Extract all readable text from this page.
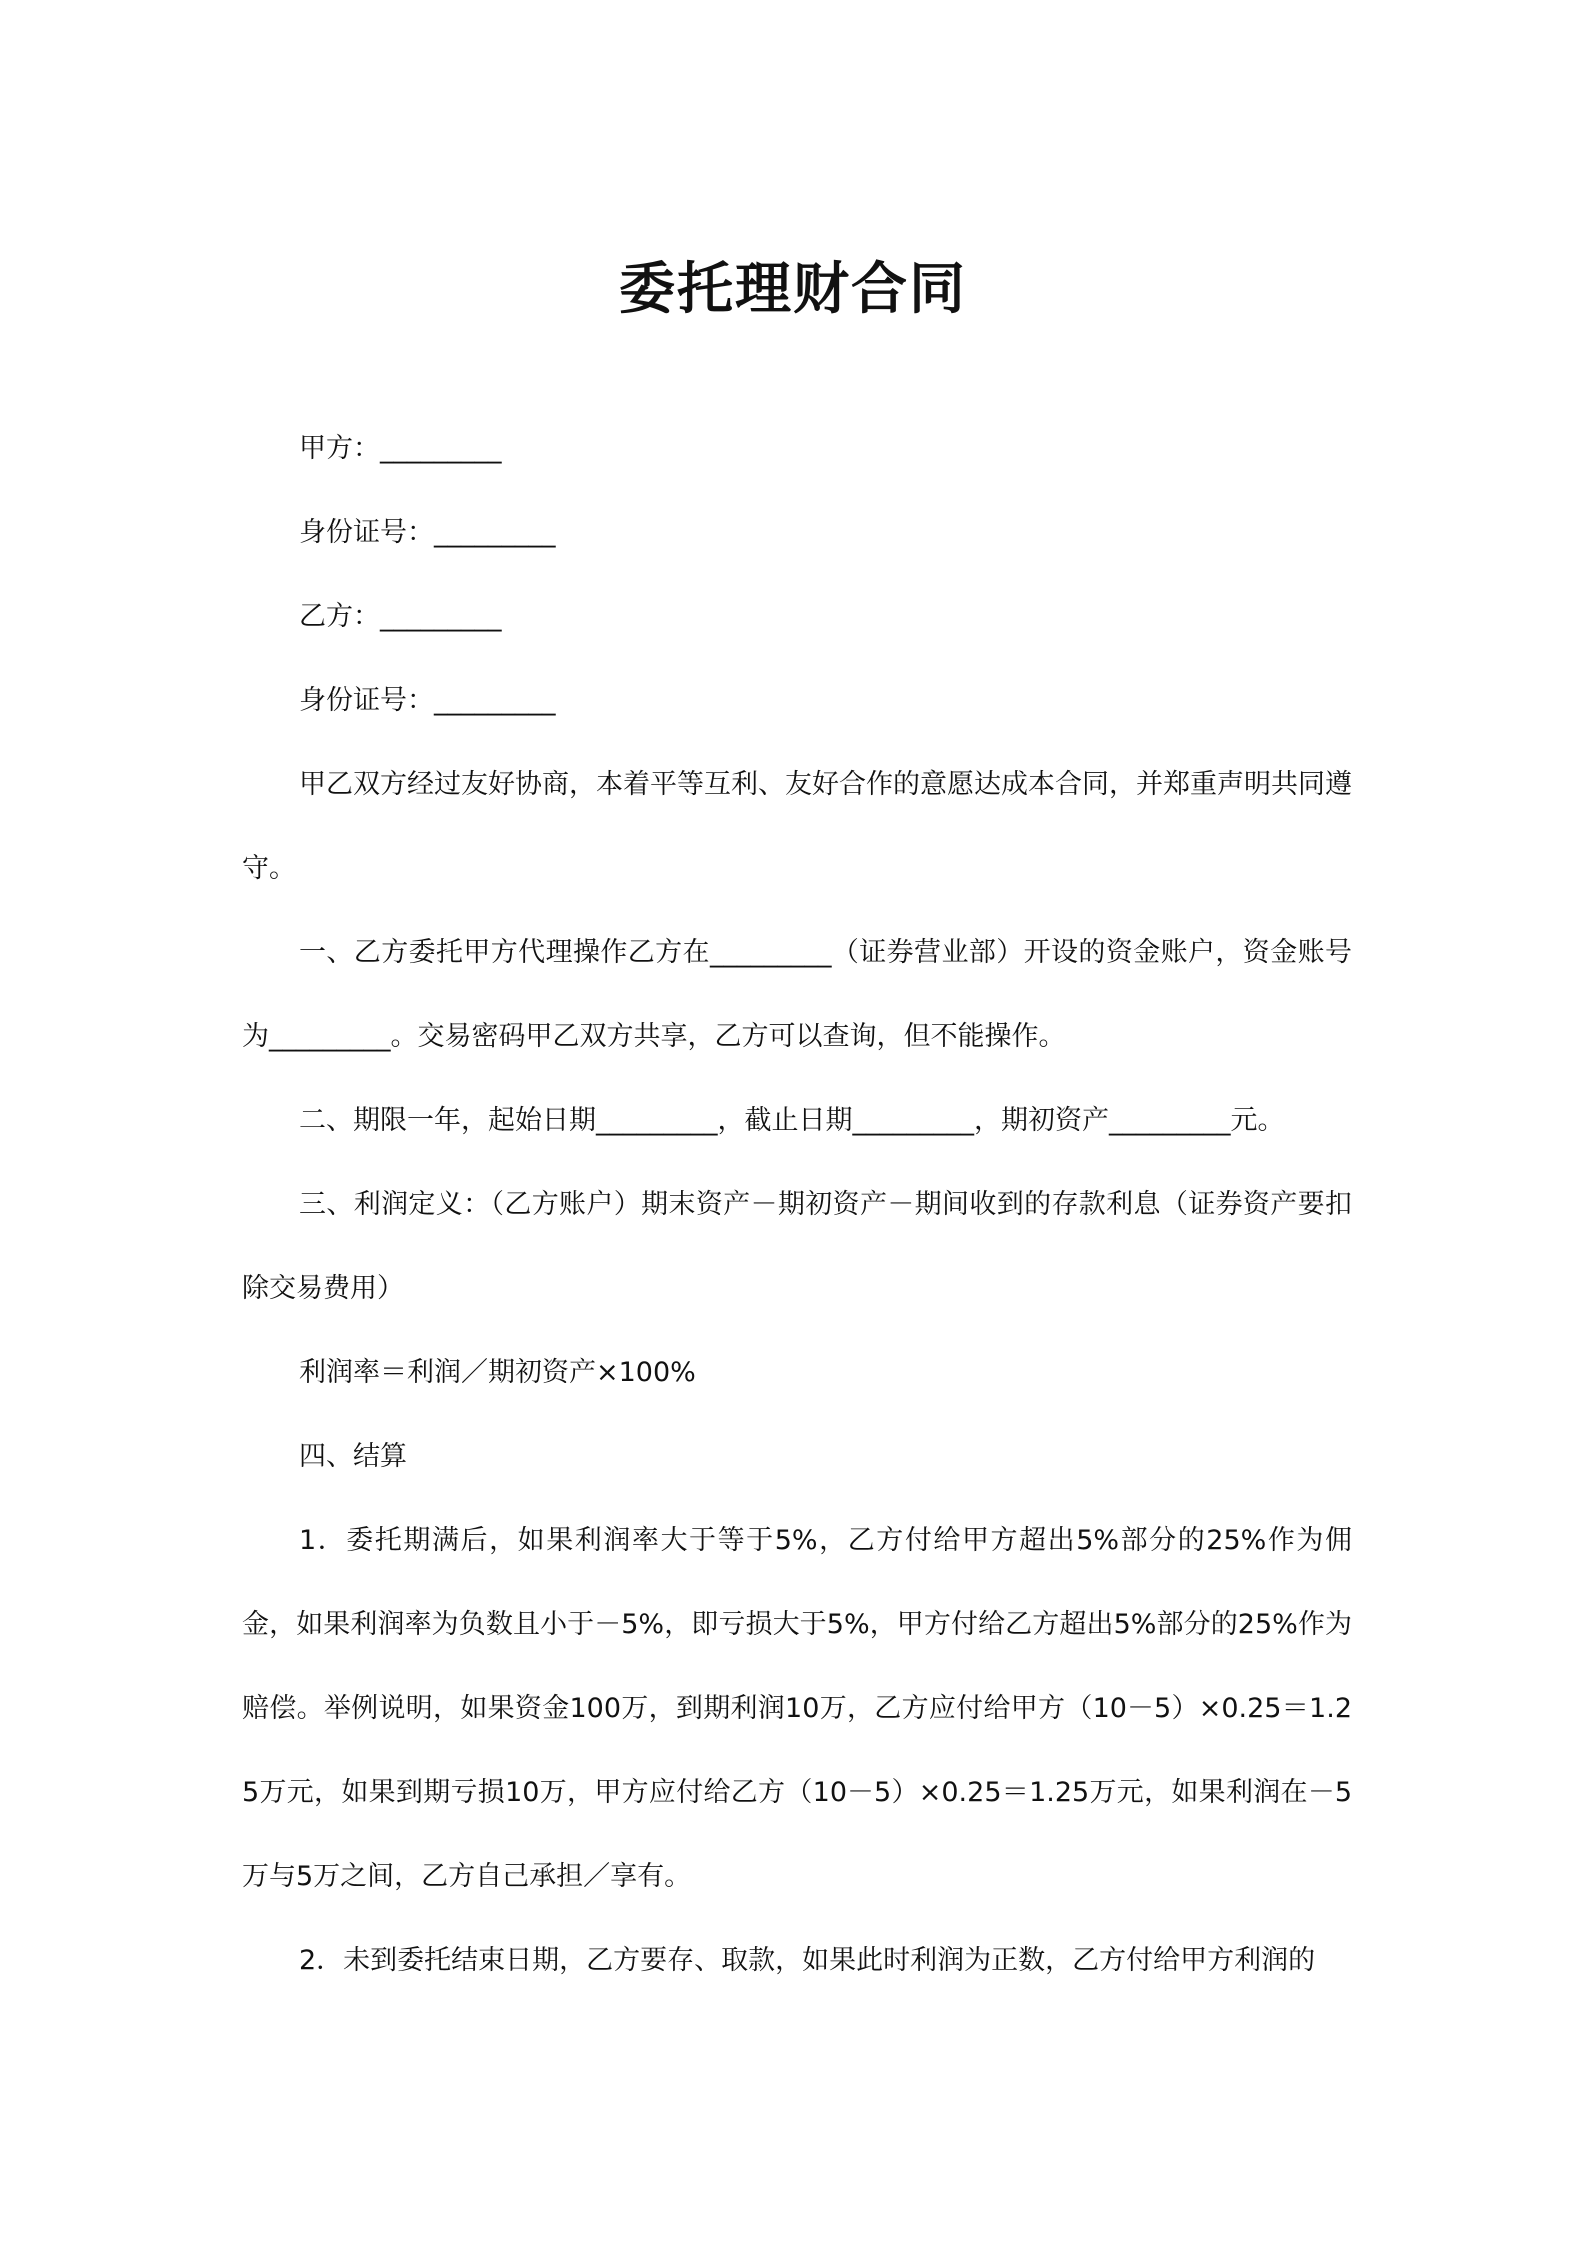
委托理财合同

甲方：_________

身份证号：_________

乙方：_________

身份证号：_________

甲乙双方经过友好协商，本着平等互利、友好合作的意愿达成本合同，并郑重声明共同遵守。

一、乙方委托甲方代理操作乙方在_________（证券营业部）开设的资金账户，资金账号为_________。交易密码甲乙双方共享，乙方可以查询，但不能操作。

二、期限一年，起始日期_________，截止日期_________，期初资产_________元。

三、利润定义：（乙方账户）期末资产－期初资产－期间收到的存款利息（证券资产要扣除交易费用）

利润率＝利润／期初资产×100%

四、结算

1．委托期满后，如果利润率大于等于5%，乙方付给甲方超出5%部分的25%作为佣金，如果利润率为负数且小于－5%，即亏损大于5%，甲方付给乙方超出5%部分的25%作为赔偿。举例说明，如果资金100万，到期利润10万，乙方应付给甲方（10－5）×0.25＝1.25万元，如果到期亏损10万，甲方应付给乙方（10－5）×0.25＝1.25万元，如果利润在－5万与5万之间，乙方自己承担／享有。

2．未到委托结束日期，乙方要存、取款，如果此时利润为正数，乙方付给甲方利润的
